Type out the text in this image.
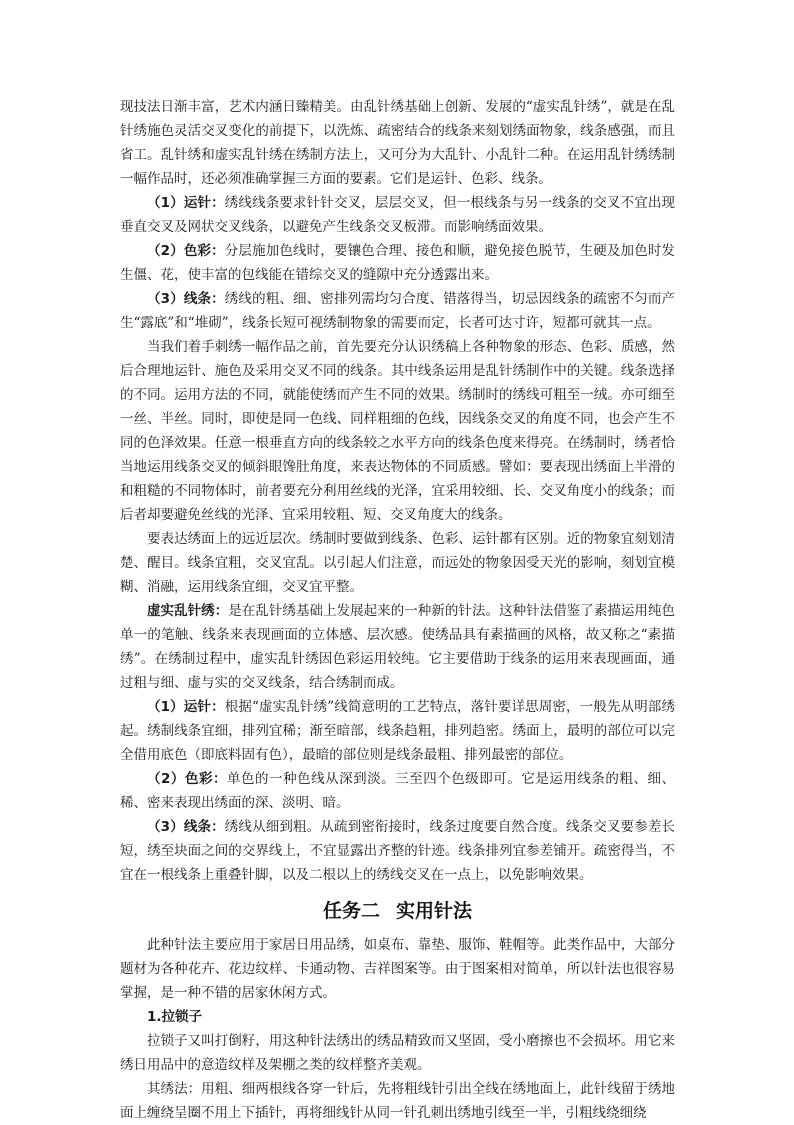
现技法日渐丰富，艺术内涵日臻精美。由乱针绣基础上创新、发展的“虚实乱针绣”，就是在乱针绣施色灵活交叉变化的前提下，以洗炼、疏密结合的线条来刻划绣面物象，线条感强，而且省工。乱针绣和虚实乱针绣在绣制方法上，又可分为大乱针、小乱针二种。在运用乱针绣绣制一幅作品时，还必须准确掌握三方面的要素。它们是运针、色彩、线条。

（1）运针：绣线线条要求针针交叉，层层交叉，但一根线条与另一线条的交叉不宜出现垂直交叉及网状交叉线条，以避免产生线条交叉板滞。而影响绣面效果。

（2）色彩：分层施加色线时，要镶色合理、接色和顺，避免接色脱节，生硬及加色时发生僵、花，使丰富的包线能在错综交叉的缝隙中充分透露出来。

（3）线条：绣线的粗、细、密排列需均匀合度、错落得当，切忌因线条的疏密不匀而产生“露底”和“堆砌”，线条长短可视绣制物象的需要而定，长者可达寸许，短都可就其一点。

当我们着手刺绣一幅作品之前，首先要充分认识绣稿上各种物象的形态、色彩、质感，然后合理地运针、施色及采用交叉不同的线条。其中线条运用是乱针绣制作中的关键。线条选择的不同。运用方法的不同，就能使绣而产生不同的效果。绣制时的绣线可粗至一绒。亦可细至一丝、半丝。同时，即使是同一色线、同样粗细的色线，因线条交叉的角度不同，也会产生不同的色泽效果。任意一根垂直方向的线条较之水平方向的线条色度来得亮。在绣制时，绣者恰当地运用线条交叉的倾斜眼馋肚角度，来表达物体的不同质感。譬如：要表现出绣面上半滑的和粗糙的不同物体时，前者要充分利用丝线的光泽，宜采用较细、长、交叉角度小的线条；而后者却要避免丝线的光泽、宜采用较粗、短、交叉角度大的线条。

要表达绣面上的远近层次。绣制时要做到线条、色彩、运针都有区别。近的物象宜刻划清楚、醒目。线条宜粗，交叉宜乱。以引起人们注意，而远处的物象因受天光的影响，刻划宜模糊、消融，运用线条宜细，交叉宜平整。

虚实乱针绣：是在乱针绣基础上发展起来的一种新的针法。这种针法借鉴了素描运用纯色单一的笔触、线条来表现画面的立体感、层次感。使绣品具有素描画的风格，故又称之“素描绣”。在绣制过程中，虚实乱针绣因色彩运用较纯。它主要借助于线条的运用来表现画面，通过粗与细、虚与实的交叉线条，结合绣制而成。

（1）运针：根据“虚实乱针绣”线简意明的工艺特点，落针要详思周密，一般先从明部绣起。绣制线条宜细，排列宜稀；渐至暗部，线条趋粗，排列趋密。绣面上，最明的部位可以完全借用底色（即底料固有色），最暗的部位则是线条最粗、排列最密的部位。

（2）色彩：单色的一种色线从深到淡。三至四个色级即可。它是运用线条的粗、细、稀、密来表现出绣面的深、淡明、暗。

（3）线条：绣线从细到粗。从疏到密衔接时，线条过度要自然合度。线条交叉要参差长短，绣至块面之间的交界线上，不宜显露出齐整的针迹。线条排列宜参差铺开。疏密得当，不宜在一根线条上重叠针脚，以及二根以上的绣线交叉在一点上，以免影响效果。

任务二 实用针法

此种针法主要应用于家居日用品绣，如桌布、靠垫、服饰、鞋帽等。此类作品中，大部分题材为各种花卉、花边纹样、卡通动物、吉祥图案等。由于图案相对简单，所以针法也很容易掌握，是一种不错的居家休闲方式。

1.拉锁子

拉锁子又叫打倒籽，用这种针法绣出的绣品精致而又坚固，受小磨擦也不会损坏。用它来绣日用品中的意造纹样及架棚之类的纹样整齐美观。

其绣法：用粗、细两根线各穿一针后，先将粗线针引出全线在绣地面上，此针线留于绣地面上缠绕呈圈不用上下插针，再将细线针从同一针孔刺出绣地引线至一半，引粗线绕细绕
